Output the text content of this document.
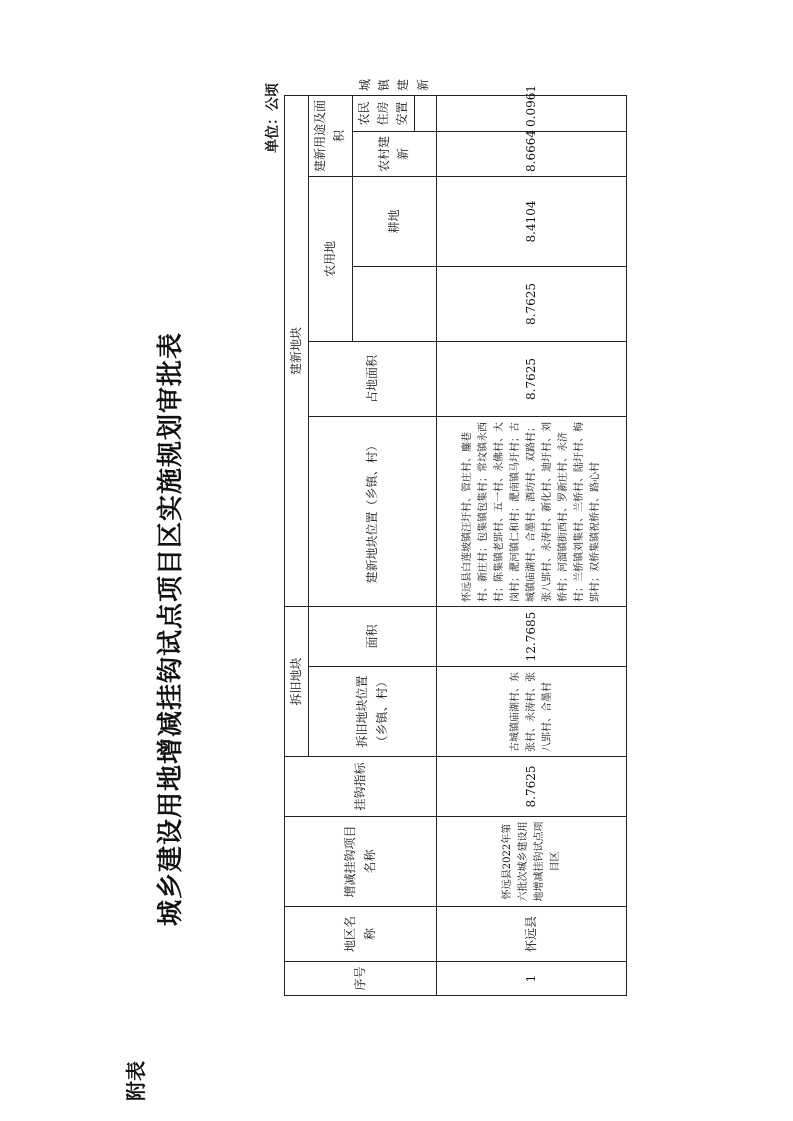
附表
城乡建设用地增减挂钩试点项目区实施规划审批表
单位：公顷
序号	地区名称	增减挂钩项目名称	挂钩指标	拆旧地块		建新地块						
				拆旧地块位置（乡镇、村）	面积	建新地块位置（乡镇、村）	占地面积	农用地		建新用途及面积		
									耕地	农村建新	农民住房安置	城镇建新

1	怀远县	怀远县2022年第六批次城乡建设用地增减挂钩试点项目区	8.7625	古城镇庙湖村、东张村、永涛村、张八郢村、合墨村	12.7685	怀远县白莲坡镇汪圩村、管庄村、鏖巷村、新庄村；包集镇包集村；常坟镇永西村；陈集镇老郢村、五一村、永佛村、大岗村；淝河镇仁和村；淝南镇马圩村；古城镇庙湖村、合墨村、酒坊村、双路村；张八郢村、永涛村、新化村、迪圩村、刘桥村；河溜镇街西村、罗新庄村、永济村；兰桥镇刘集村、兰桥村、陆圩村、梅郢村；双桥集镇祝桥村、路心村	8.7625	8.7625	8.4104	8.6664	0.0961	
